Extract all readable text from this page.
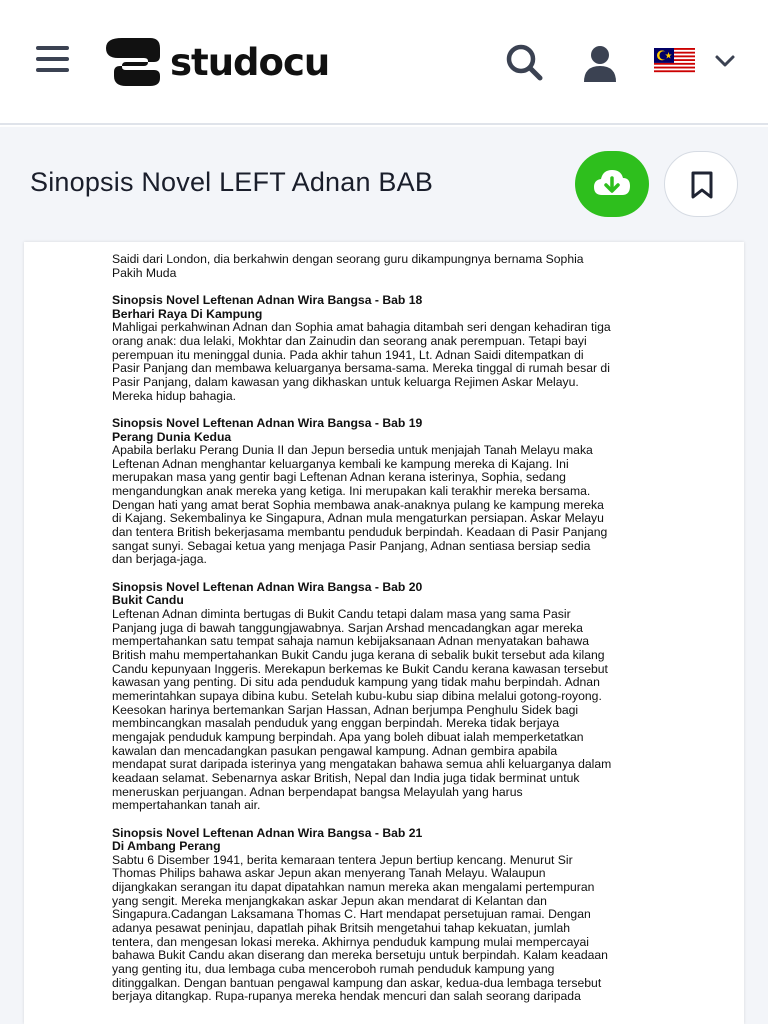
studocu
Sinopsis Novel LEFT Adnan BAB

Saidi dari London, dia berkahwin dengan seorang guru dikampungnya bernama Sophia

Pakih Muda

Sinopsis Novel Leftenan Adnan Wira Bangsa - Bab 18

Berhari Raya Di Kampung

Mahligai perkahwinan Adnan dan Sophia amat bahagia ditambah seri dengan kehadiran tiga

orang anak: dua lelaki, Mokhtar dan Zainudin dan seorang anak perempuan. Tetapi bayi

perempuan itu meninggal dunia. Pada akhir tahun 1941, Lt. Adnan Saidi ditempatkan di

Pasir Panjang dan membawa keluarganya bersama-sama. Mereka tinggal di rumah besar di

Pasir Panjang, dalam kawasan yang dikhaskan untuk keluarga Rejimen Askar Melayu.

Mereka hidup bahagia.

Sinopsis Novel Leftenan Adnan Wira Bangsa - Bab 19

Perang Dunia Kedua

Apabila berlaku Perang Dunia II dan Jepun bersedia untuk menjajah Tanah Melayu maka

Leftenan Adnan menghantar keluarganya kembali ke kampung mereka di Kajang. Ini

merupakan masa yang gentir bagi Leftenan Adnan kerana isterinya, Sophia, sedang

mengandungkan anak mereka yang ketiga. Ini merupakan kali terakhir mereka bersama.

Dengan hati yang amat berat Sophia membawa anak-anaknya pulang ke kampung mereka

di Kajang. Sekembalinya ke Singapura, Adnan mula mengaturkan persiapan. Askar Melayu

dan tentera British bekerjasama membantu penduduk berpindah. Keadaan di Pasir Panjang

sangat sunyi. Sebagai ketua yang menjaga Pasir Panjang, Adnan sentiasa bersiap sedia

dan berjaga-jaga.

Sinopsis Novel Leftenan Adnan Wira Bangsa - Bab 20

Bukit Candu

Leftenan Adnan diminta bertugas di Bukit Candu tetapi dalam masa yang sama Pasir

Panjang juga di bawah tanggungjawabnya. Sarjan Arshad mencadangkan agar mereka

mempertahankan satu tempat sahaja namun kebijaksanaan Adnan menyatakan bahawa

British mahu mempertahankan Bukit Candu juga kerana di sebalik bukit tersebut ada kilang

Candu kepunyaan Inggeris. Merekapun berkemas ke Bukit Candu kerana kawasan tersebut

kawasan yang penting. Di situ ada penduduk kampung yang tidak mahu berpindah. Adnan

memerintahkan supaya dibina kubu. Setelah kubu-kubu siap dibina melalui gotong-royong.

Keesokan harinya bertemankan Sarjan Hassan, Adnan berjumpa Penghulu Sidek bagi

membincangkan masalah penduduk yang enggan berpindah. Mereka tidak berjaya

mengajak penduduk kampung berpindah. Apa yang boleh dibuat ialah memperketatkan

kawalan dan mencadangkan pasukan pengawal kampung. Adnan gembira apabila

mendapat surat daripada isterinya yang mengatakan bahawa semua ahli keluarganya dalam

keadaan selamat. Sebenarnya askar British, Nepal dan India juga tidak berminat untuk

meneruskan perjuangan. Adnan berpendapat bangsa Melayulah yang harus

mempertahankan tanah air.

Sinopsis Novel Leftenan Adnan Wira Bangsa - Bab 21

Di Ambang Perang

Sabtu 6 Disember 1941, berita kemaraan tentera Jepun bertiup kencang. Menurut Sir

Thomas Philips bahawa askar Jepun akan menyerang Tanah Melayu. Walaupun

dijangkakan serangan itu dapat dipatahkan namun mereka akan mengalami pertempuran

yang sengit. Mereka menjangkakan askar Jepun akan mendarat di Kelantan dan

Singapura.Cadangan Laksamana Thomas C. Hart mendapat persetujuan ramai. Dengan

adanya pesawat peninjau, dapatlah pihak Britsih mengetahui tahap kekuatan, jumlah

tentera, dan mengesan lokasi mereka. Akhirnya penduduk kampung mulai mempercayai

bahawa Bukit Candu akan diserang dan mereka bersetuju untuk berpindah. Kalam keadaan

yang genting itu, dua lembaga cuba menceroboh rumah penduduk kampung yang

ditinggalkan. Dengan bantuan pengawal kampung dan askar, kedua-dua lembaga tersebut

berjaya ditangkap. Rupa-rupanya mereka hendak mencuri dan salah seorang daripada
